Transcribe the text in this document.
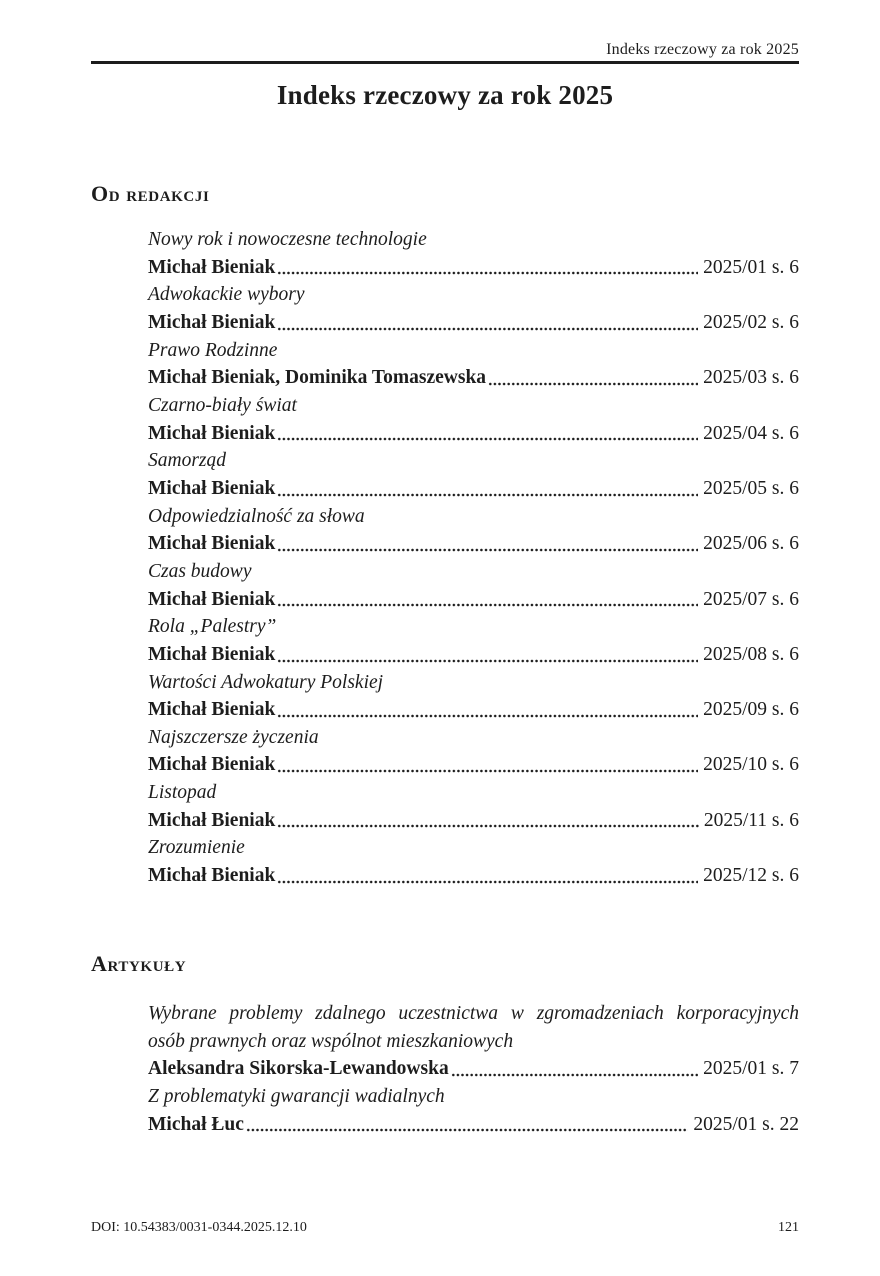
Indeks rzeczowy za rok 2025
Indeks rzeczowy za rok 2025
Od redakcji
Nowy rok i nowoczesne technologie
Michał Bieniak	2025/01 s. 6
Adwokackie wybory
Michał Bieniak	2025/02 s. 6
Prawo Rodzinne
Michał Bieniak, Dominika Tomaszewska	2025/03 s. 6
Czarno-biały świat
Michał Bieniak	2025/04 s. 6
Samorząd
Michał Bieniak	2025/05 s. 6
Odpowiedzialność za słowa
Michał Bieniak	2025/06 s. 6
Czas budowy
Michał Bieniak	2025/07 s. 6
Rola „Palestry”
Michał Bieniak	2025/08 s. 6
Wartości Adwokatury Polskiej
Michał Bieniak	2025/09 s. 6
Najszczersze życzenia
Michał Bieniak	2025/10 s. 6
Listopad
Michał Bieniak	2025/11 s. 6
Zrozumienie
Michał Bieniak	2025/12 s. 6
Artykuły
Wybrane problemy zdalnego uczestnictwa w zgromadzeniach korporacyjnych
osób prawnych oraz wspólnot mieszkaniowych
Aleksandra Sikorska-Lewandowska	2025/01 s. 7
Z problematyki gwarancji wadialnych
Michał Łuc	2025/01 s. 22
DOI: 10.54383/0031-0344.2025.12.10	121
